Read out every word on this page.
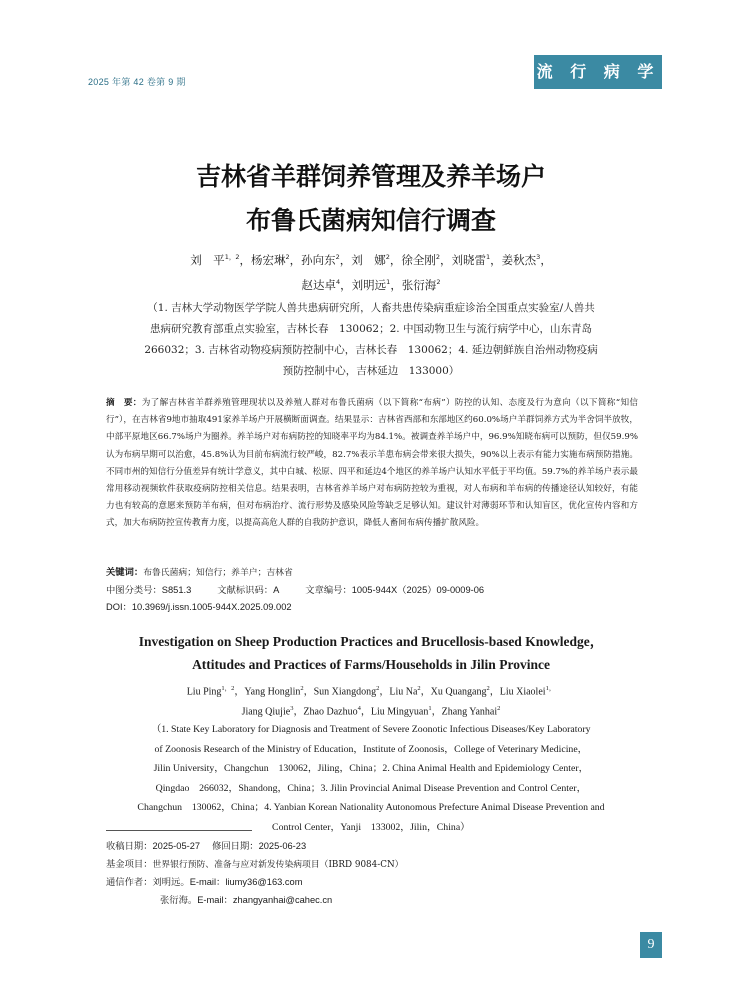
2025 年第 42 卷第 9 期
流 行 病 学
吉林省羊群饲养管理及养羊场户
布鲁氏菌病知信行调查
刘　平$^{1,2}$，杨宏琳$^2$，孙向东$^2$，刘　娜$^2$，徐全刚$^2$，刘晓雷$^1$，姜秋杰$^3$，
赵达卓$^4$，刘明远$^1$，张衍海$^2$
（1. 吉林大学动物医学学院人兽共患病研究所，人畜共患传染病重症诊治全国重点实验室/人兽共
患病研究教育部重点实验室，吉林长春　130062；2. 中国动物卫生与流行病学中心，山东青岛
266032；3. 吉林省动物疫病预防控制中心，吉林长春　130062；4. 延边朝鲜族自治州动物疫病
预防控制中心，吉林延边　133000）
摘　要：为了解吉林省羊群养殖管理现状以及养殖人群对布鲁氏菌病（以下简称“布病”）防控的认知、态度及行为意向（以下简称“知信行”），在吉林省9地市抽取491家养羊场户开展横断面调查。结果显示：吉林省西部和东部地区约60.0%场户羊群饲养方式为半舍饲半放牧，中部平原地区66.7%场户为圈养。养羊场户对布病防控的知晓率平均为84.1%。被调查养羊场户中，96.9%知晓布病可以预防，但仅59.9%认为布病早期可以治愈，45.8%认为目前布病流行较严峻，82.7%表示羊患布病会带来很大损失，90%以上表示有能力实施布病预防措施。不同市州的知信行分值差异有统计学意义，其中白城、松原、四平和延边4个地区的养羊场户认知水平低于平均值。59.7%的养羊场户表示最常用移动视频软件获取疫病防控相关信息。结果表明，吉林省养羊场户对布病防控较为重视，对人布病和羊布病的传播途径认知较好，有能力也有较高的意愿来预防羊布病，但对布病治疗、流行形势及感染风险等缺乏足够认知。建议针对薄弱环节和认知盲区，优化宣传内容和方式，加大布病防控宣传教育力度，以提高高危人群的自我防护意识，降低人畜间布病传播扩散风险。
关键词：布鲁氏菌病；知信行；养羊户；吉林省
中图分类号：S851.3	文献标识码：A	文章编号：1005-944X（2025）09-0009-06
DOI：10.3969/j.issn.1005-944X.2025.09.002
Investigation on Sheep Production Practices and Brucellosis-based Knowledge，
Attitudes and Practices of Farms/Households in Jilin Province
Liu Ping$^{1,2}$，Yang Honglin$^2$，Sun Xiangdong$^2$，Liu Na$^2$，Xu Quangang$^2$，Liu Xiaolei$^{1,}$
Jiang Qiujie$^3$，Zhao Dazhuo$^4$，Liu Mingyuan$^1$，Zhang Yanhai$^2$
（1. State Key Laboratory for Diagnosis and Treatment of Severe Zoonotic Infectious Diseases/Key Laboratory
of Zoonosis Research of the Ministry of Education，Institute of Zoonosis，College of Veterinary Medicine，
Jilin University，Changchun　130062，Jiling，China；2. China Animal Health and Epidemiology Center，
Qingdao　266032，Shandong，China；3. Jilin Provincial Animal Disease Prevention and Control Center，
Changchun　130062，China；4. Yanbian Korean Nationality Autonomous Prefecture Animal Disease Prevention and
Control Center，Yanji　133002，Jilin，China）
收稿日期：2025-05-27 修回日期：2025-06-23
基金项目：世界银行预防、准备与应对新发传染病项目（IBRD 9084-CN）
通信作者：刘明远。E-mail：liumy36@163.com
张衍海。E-mail：zhangyanhai@cahec.cn
9
